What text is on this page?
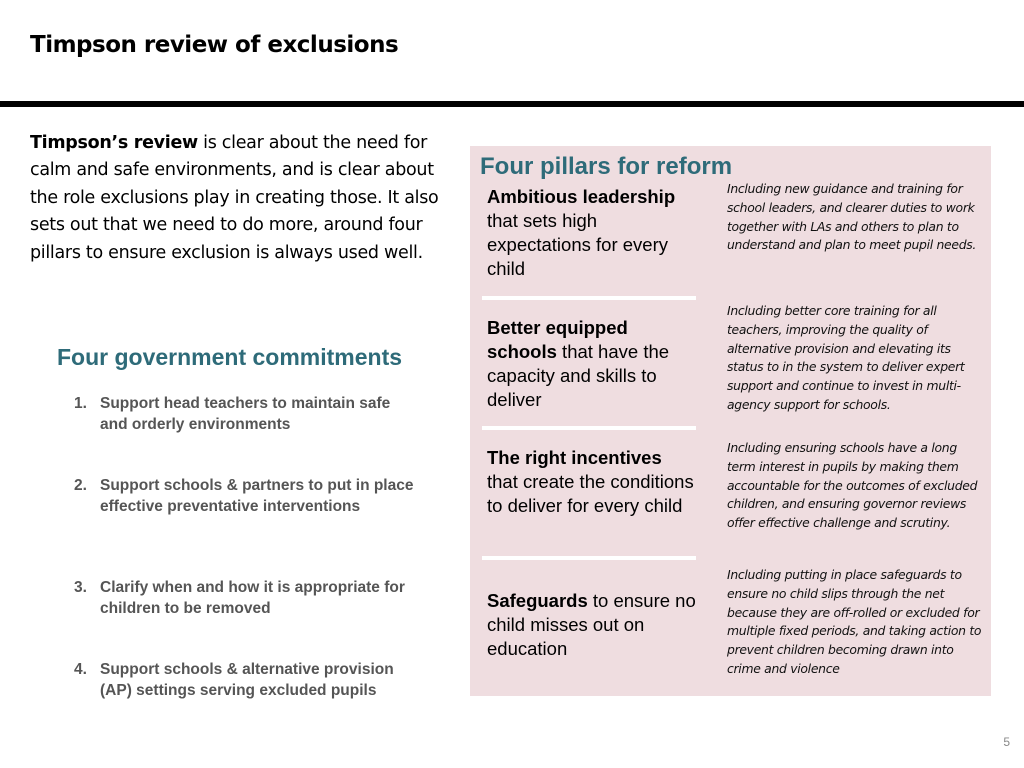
Timpson review of exclusions

Timpson’s review is clear about the need for calm and safe environments, and is clear about the role exclusions play in creating those. It also sets out that we need to do more, around four pillars to ensure exclusion is always used well.

Four government commitments
1. Support head teachers to maintain safe and orderly environments
2. Support schools & partners to put in place effective preventative interventions
3. Clarify when and how it is appropriate for children to be removed
4. Support schools & alternative provision (AP) settings serving excluded pupils
Four pillars for reform

Ambitious leadership that sets high expectations for every child

Including new guidance and training for school leaders, and clearer duties to work together with LAs and others to plan to understand and plan to meet pupil needs.

Better equipped schools that have the capacity and skills to deliver

Including better core training for all teachers, improving the quality of alternative provision and elevating its status to in the system to deliver expert support and continue to invest in multi-agency support for schools.

The right incentives that create the conditions to deliver for every child

Including ensuring schools have a long term interest in pupils by making them accountable for the outcomes of excluded children, and ensuring governor reviews offer effective challenge and scrutiny.

Safeguards to ensure no child misses out on education

Including putting in place safeguards to ensure no child slips through the net because they are off-rolled or excluded for multiple fixed periods, and taking action to prevent children becoming drawn into crime and violence

5
